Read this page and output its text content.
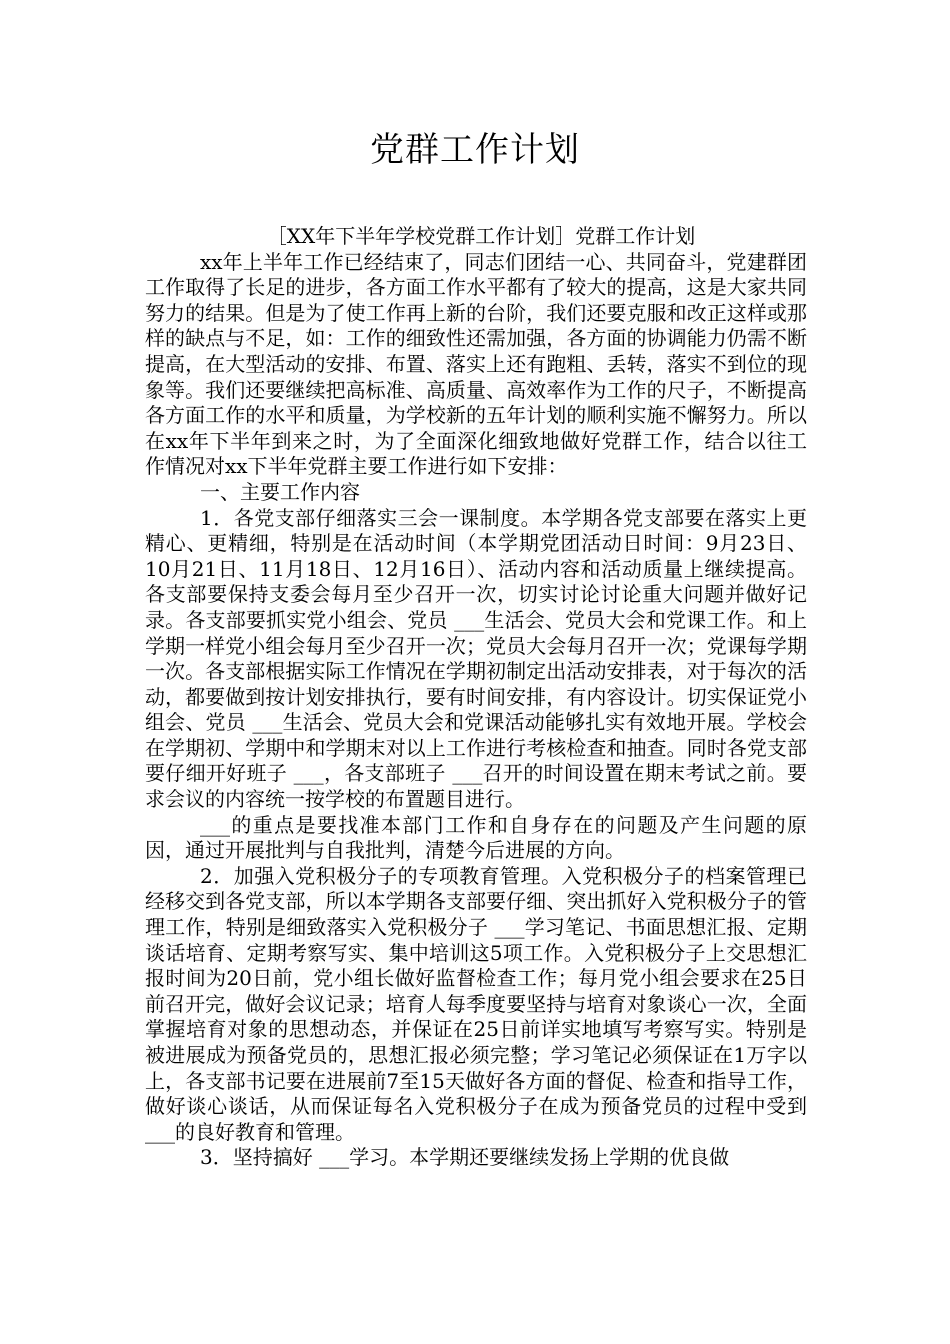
党群工作计划

［XX年下半年学校党群工作计划］党群工作计划

xx年上半年工作已经结束了，同志们团结一心、共同奋斗，党建群团工作取得了长足的进步，各方面工作水平都有了较大的提高，这是大家共同努力的结果。但是为了使工作再上新的台阶，我们还要克服和改正这样或那样的缺点与不足，如：工作的细致性还需加强，各方面的协调能力仍需不断提高，在大型活动的安排、布置、落实上还有跑粗、丢转，落实不到位的现象等。我们还要继续把高标准、高质量、高效率作为工作的尺子，不断提高各方面工作的水平和质量，为学校新的五年计划的顺利实施不懈努力。所以在xx年下半年到来之时，为了全面深化细致地做好党群工作，结合以往工作情况对xx下半年党群主要工作进行如下安排：

一、主要工作内容

1．各党支部仔细落实三会一课制度。本学期各党支部要在落实上更精心、更精细，特别是在活动时间（本学期党团活动日时间：9月23日、10月21日、11月18日、12月16日）、活动内容和活动质量上继续提高。各支部要保持支委会每月至少召开一次，切实讨论讨论重大问题并做好记录。各支部要抓实党小组会、党员 ___生活会、党员大会和党课工作。和上学期一样党小组会每月至少召开一次；党员大会每月召开一次；党课每学期一次。各支部根据实际工作情况在学期初制定出活动安排表，对于每次的活动，都要做到按计划安排执行，要有时间安排，有内容设计。切实保证党小组会、党员 ___生活会、党员大会和党课活动能够扎实有效地开展。学校会在学期初、学期中和学期末对以上工作进行考核检查和抽查。同时各党支部要仔细开好班子 ___，各支部班子 ___召开的时间设置在期末考试之前。要求会议的内容统一按学校的布置题目进行。

___的重点是要找准本部门工作和自身存在的问题及产生问题的原因，通过开展批判与自我批判，清楚今后进展的方向。

2．加强入党积极分子的专项教育管理。入党积极分子的档案管理已经移交到各党支部，所以本学期各支部要仔细、突出抓好入党积极分子的管理工作，特别是细致落实入党积极分子 ___学习笔记、书面思想汇报、定期谈话培育、定期考察写实、集中培训这5项工作。入党积极分子上交思想汇报时间为20日前，党小组长做好监督检查工作；每月党小组会要求在25日前召开完，做好会议记录；培育人每季度要坚持与培育对象谈心一次，全面掌握培育对象的思想动态，并保证在25日前详实地填写考察写实。特别是被进展成为预备党员的，思想汇报必须完整；学习笔记必须保证在1万字以上，各支部书记要在进展前7至15天做好各方面的督促、检查和指导工作，做好谈心谈话，从而保证每名入党积极分子在成为预备党员的过程中受到 ___的良好教育和管理。

3．坚持搞好 ___学习。本学期还要继续发扬上学期的优良做
